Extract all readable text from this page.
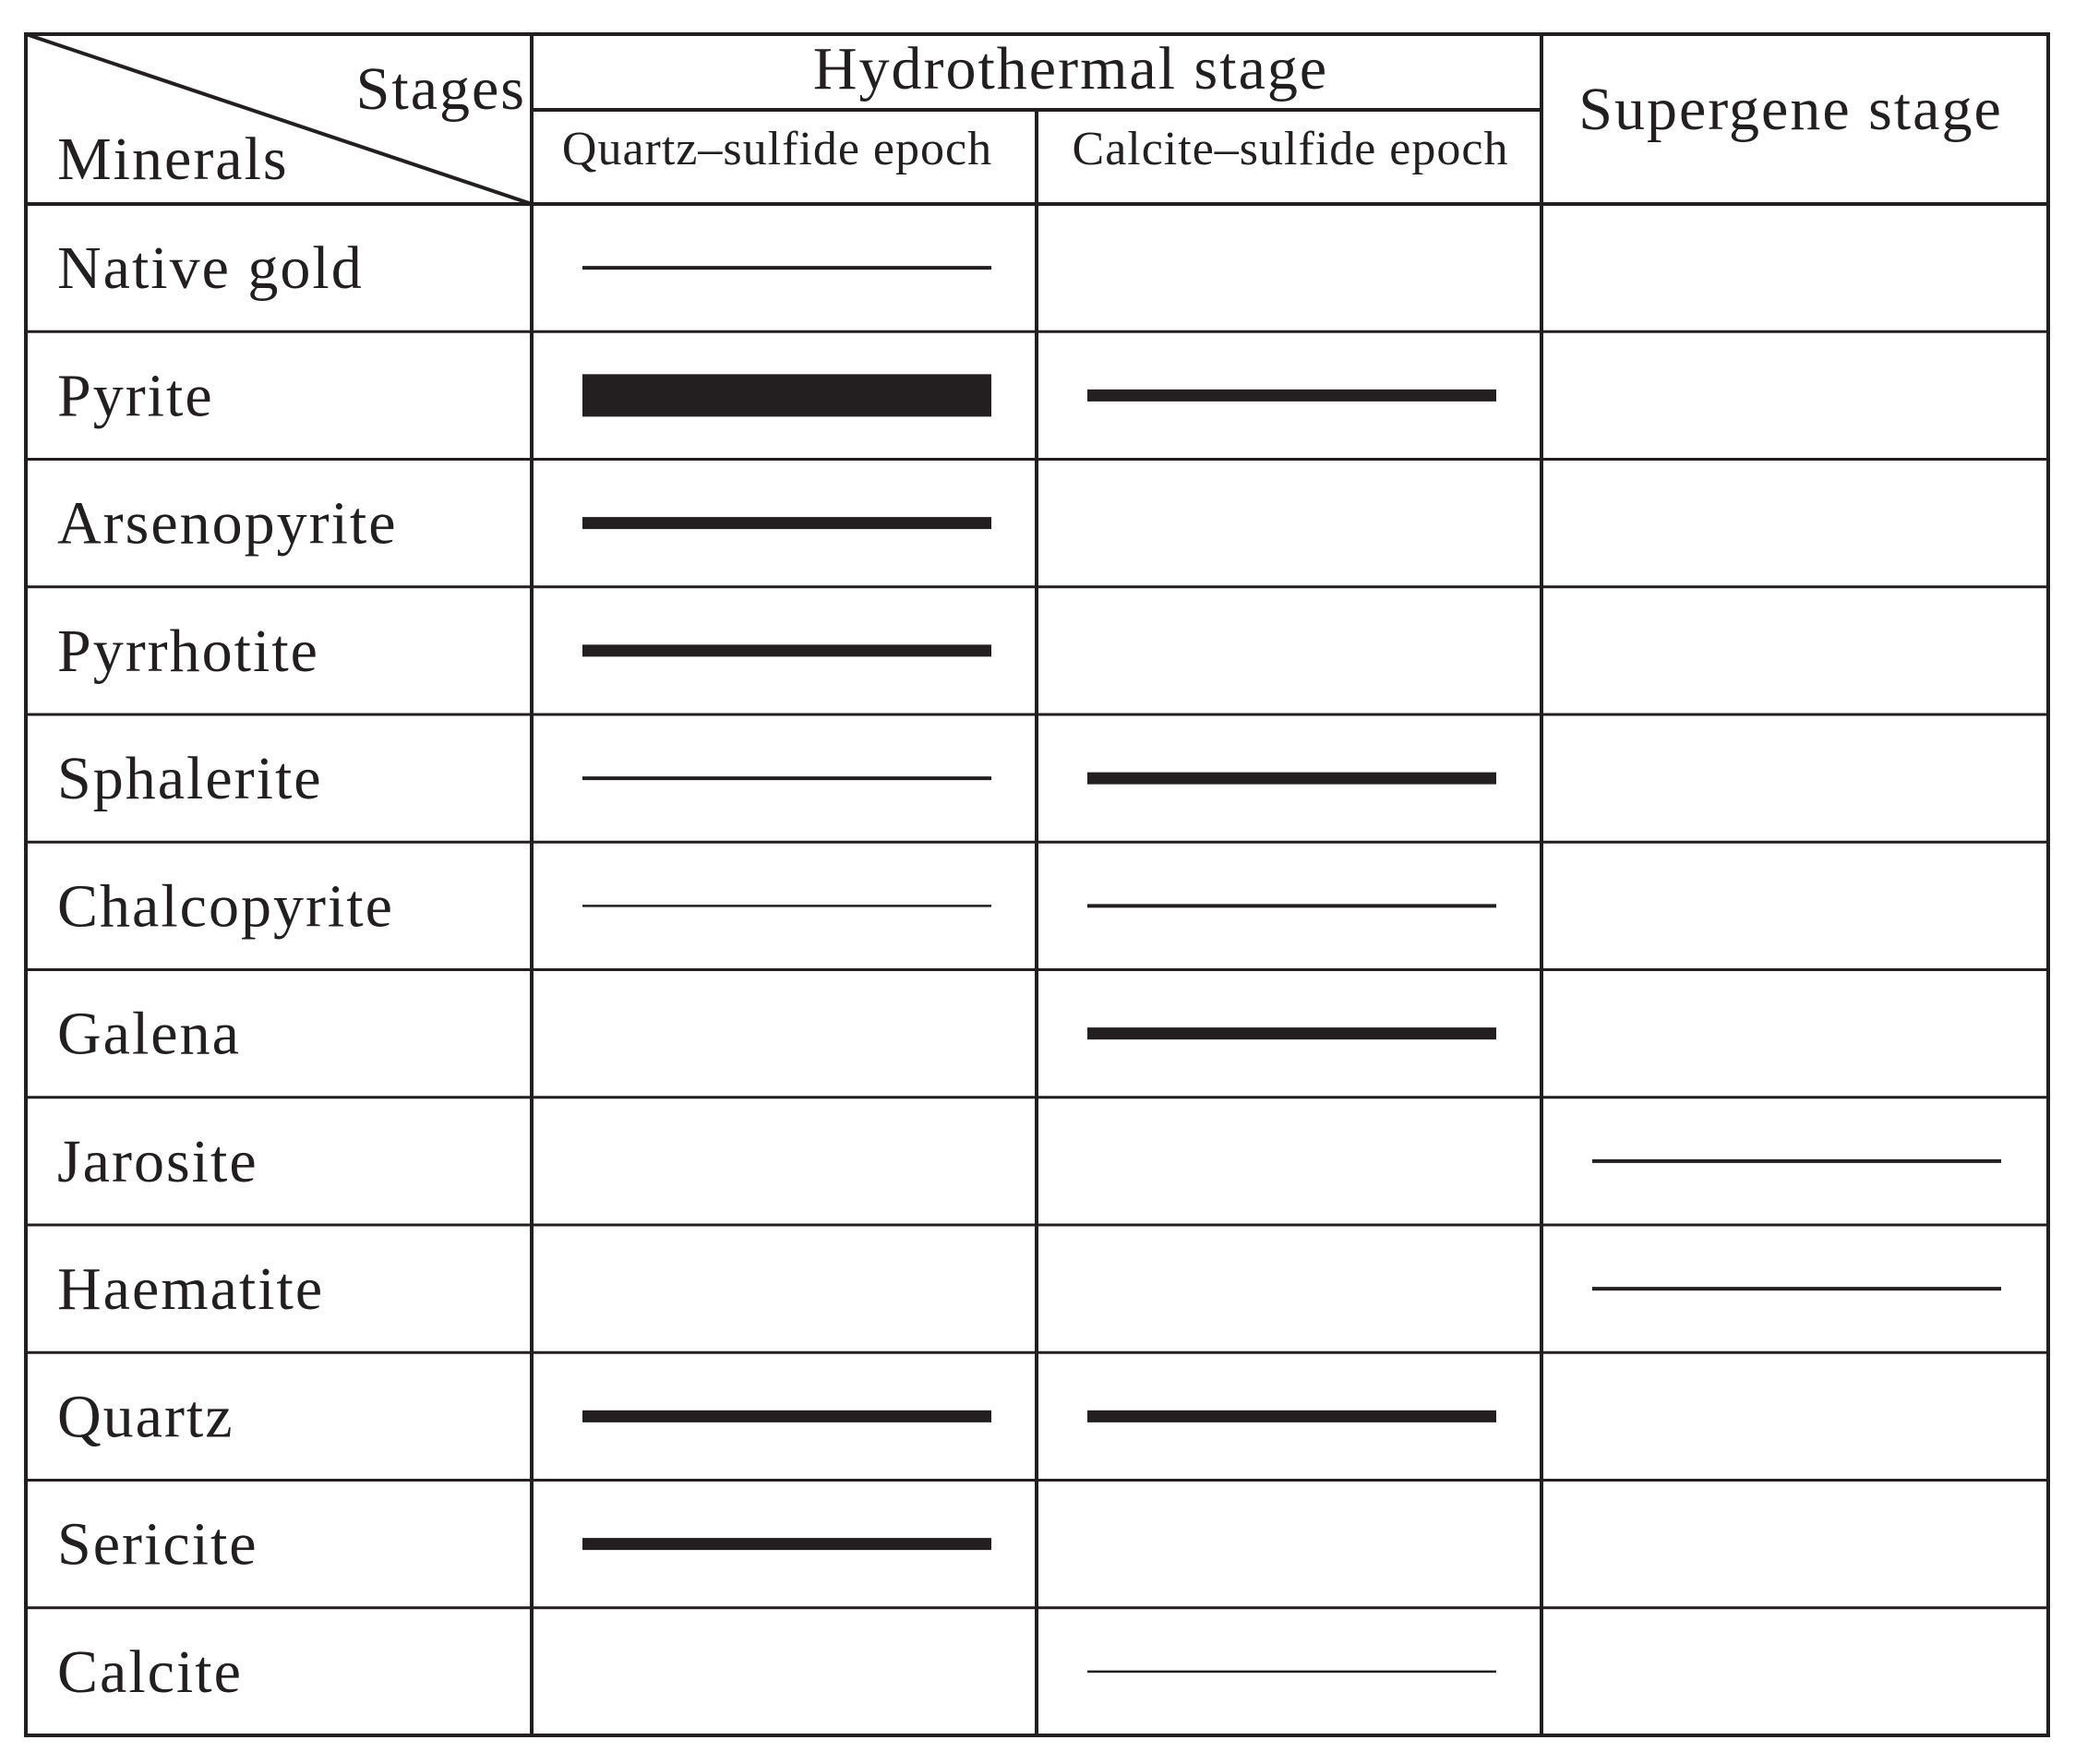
Stages
Minerals
Hydrothermal stage
Quartz–sulfide epoch Calcite–sulfide epoch
Supergene stage
Native gold
Pyrite
Arsenopyrite
Pyrrhotite
Sphalerite
Chalcopyrite
Galena
Jarosite
Haematite
Quartz
Sericite
Calcite
